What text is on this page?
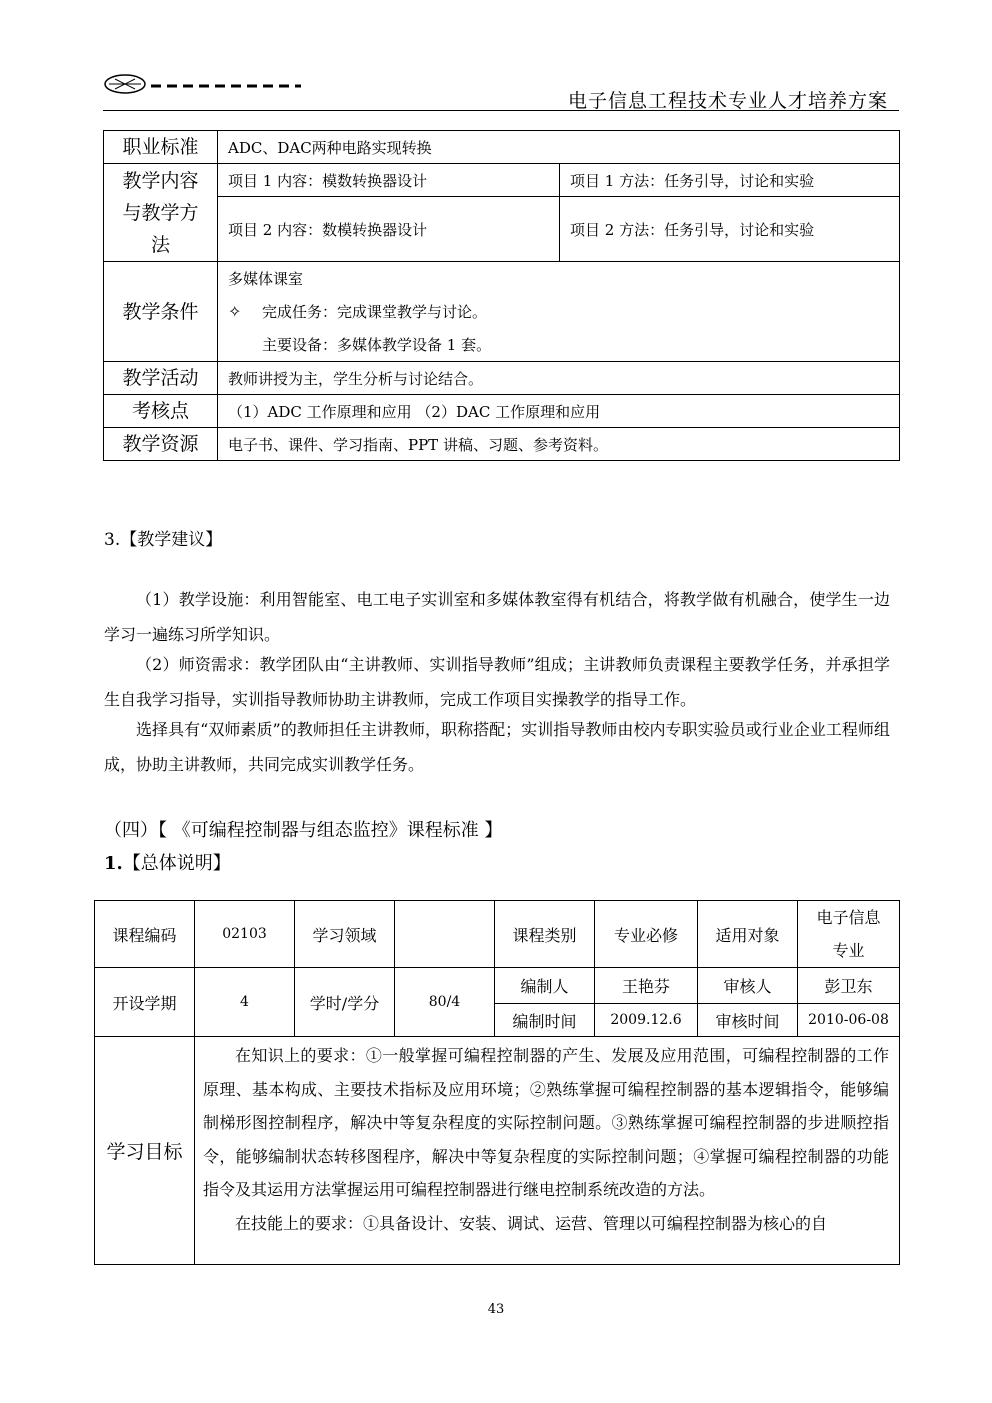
电子信息工程技术专业人才培养方案
职业标准	ADC、DAC两种电路实现转换	

教学内容与教学方法	项目 1 内容：模数转换器设计	项目 1 方法：任务引导，讨论和实验
	项目 2 内容：数模转换器设计	项目 2 方法：任务引导，讨论和实验
教学条件	多媒体课室
✧ 完成任务：完成课堂教学与讨论。
主要设备：多媒体教学设备 1 套。	

教学活动	教师讲授为主，学生分析与讨论结合。	
考核点	（1）ADC 工作原理和应用 （2）DAC 工作原理和应用	
教学资源	电子书、课件、学习指南、PPT 讲稿、习题、参考资料。	
3.【教学建议】
（1）教学设施：利用智能室、电工电子实训室和多媒体教室得有机结合，将教学做有机融合，使学生一边学习一遍练习所学知识。
（2）师资需求：教学团队由“主讲教师、实训指导教师”组成；主讲教师负责课程主要教学任务，并承担学生自我学习指导，实训指导教师协助主讲教师，完成工作项目实操教学的指导工作。
选择具有“双师素质”的教师担任主讲教师，职称搭配；实训指导教师由校内专职实验员或行业企业工程师组成，协助主讲教师，共同完成实训教学任务。
（四）【 《可编程控制器与组态监控》课程标准 】
1.【总体说明】
课程编码	02103	学习领域		课程类别	专业必修	适用对象	电子信息专业
开设学期	4	学时/学分	80/4	编制人	王艳芬	审核人	彭卫东
				编制时间	2009.12.6	审核时间	2010-06-08
学习目标	在知识上的要求：①一般掌握可编程控制器的产生、发展及应用范围，可编程控制器的工作原理、基本构成、主要技术指标及应用环境；②熟练掌握可编程控制器的基本逻辑指令，能够编制梯形图控制程序，解决中等复杂程度的实际控制问题。③熟练掌握可编程控制器的步进顺控指令，能够编制状态转移图程序，解决中等复杂程度的实际控制问题；④掌握可编程控制器的功能指令及其运用方法掌握运用可编程控制器进行继电控制系统改造的方法。
在技能上的要求：①具备设计、安装、调试、运营、管理以可编程控制器为核心的自						
43
